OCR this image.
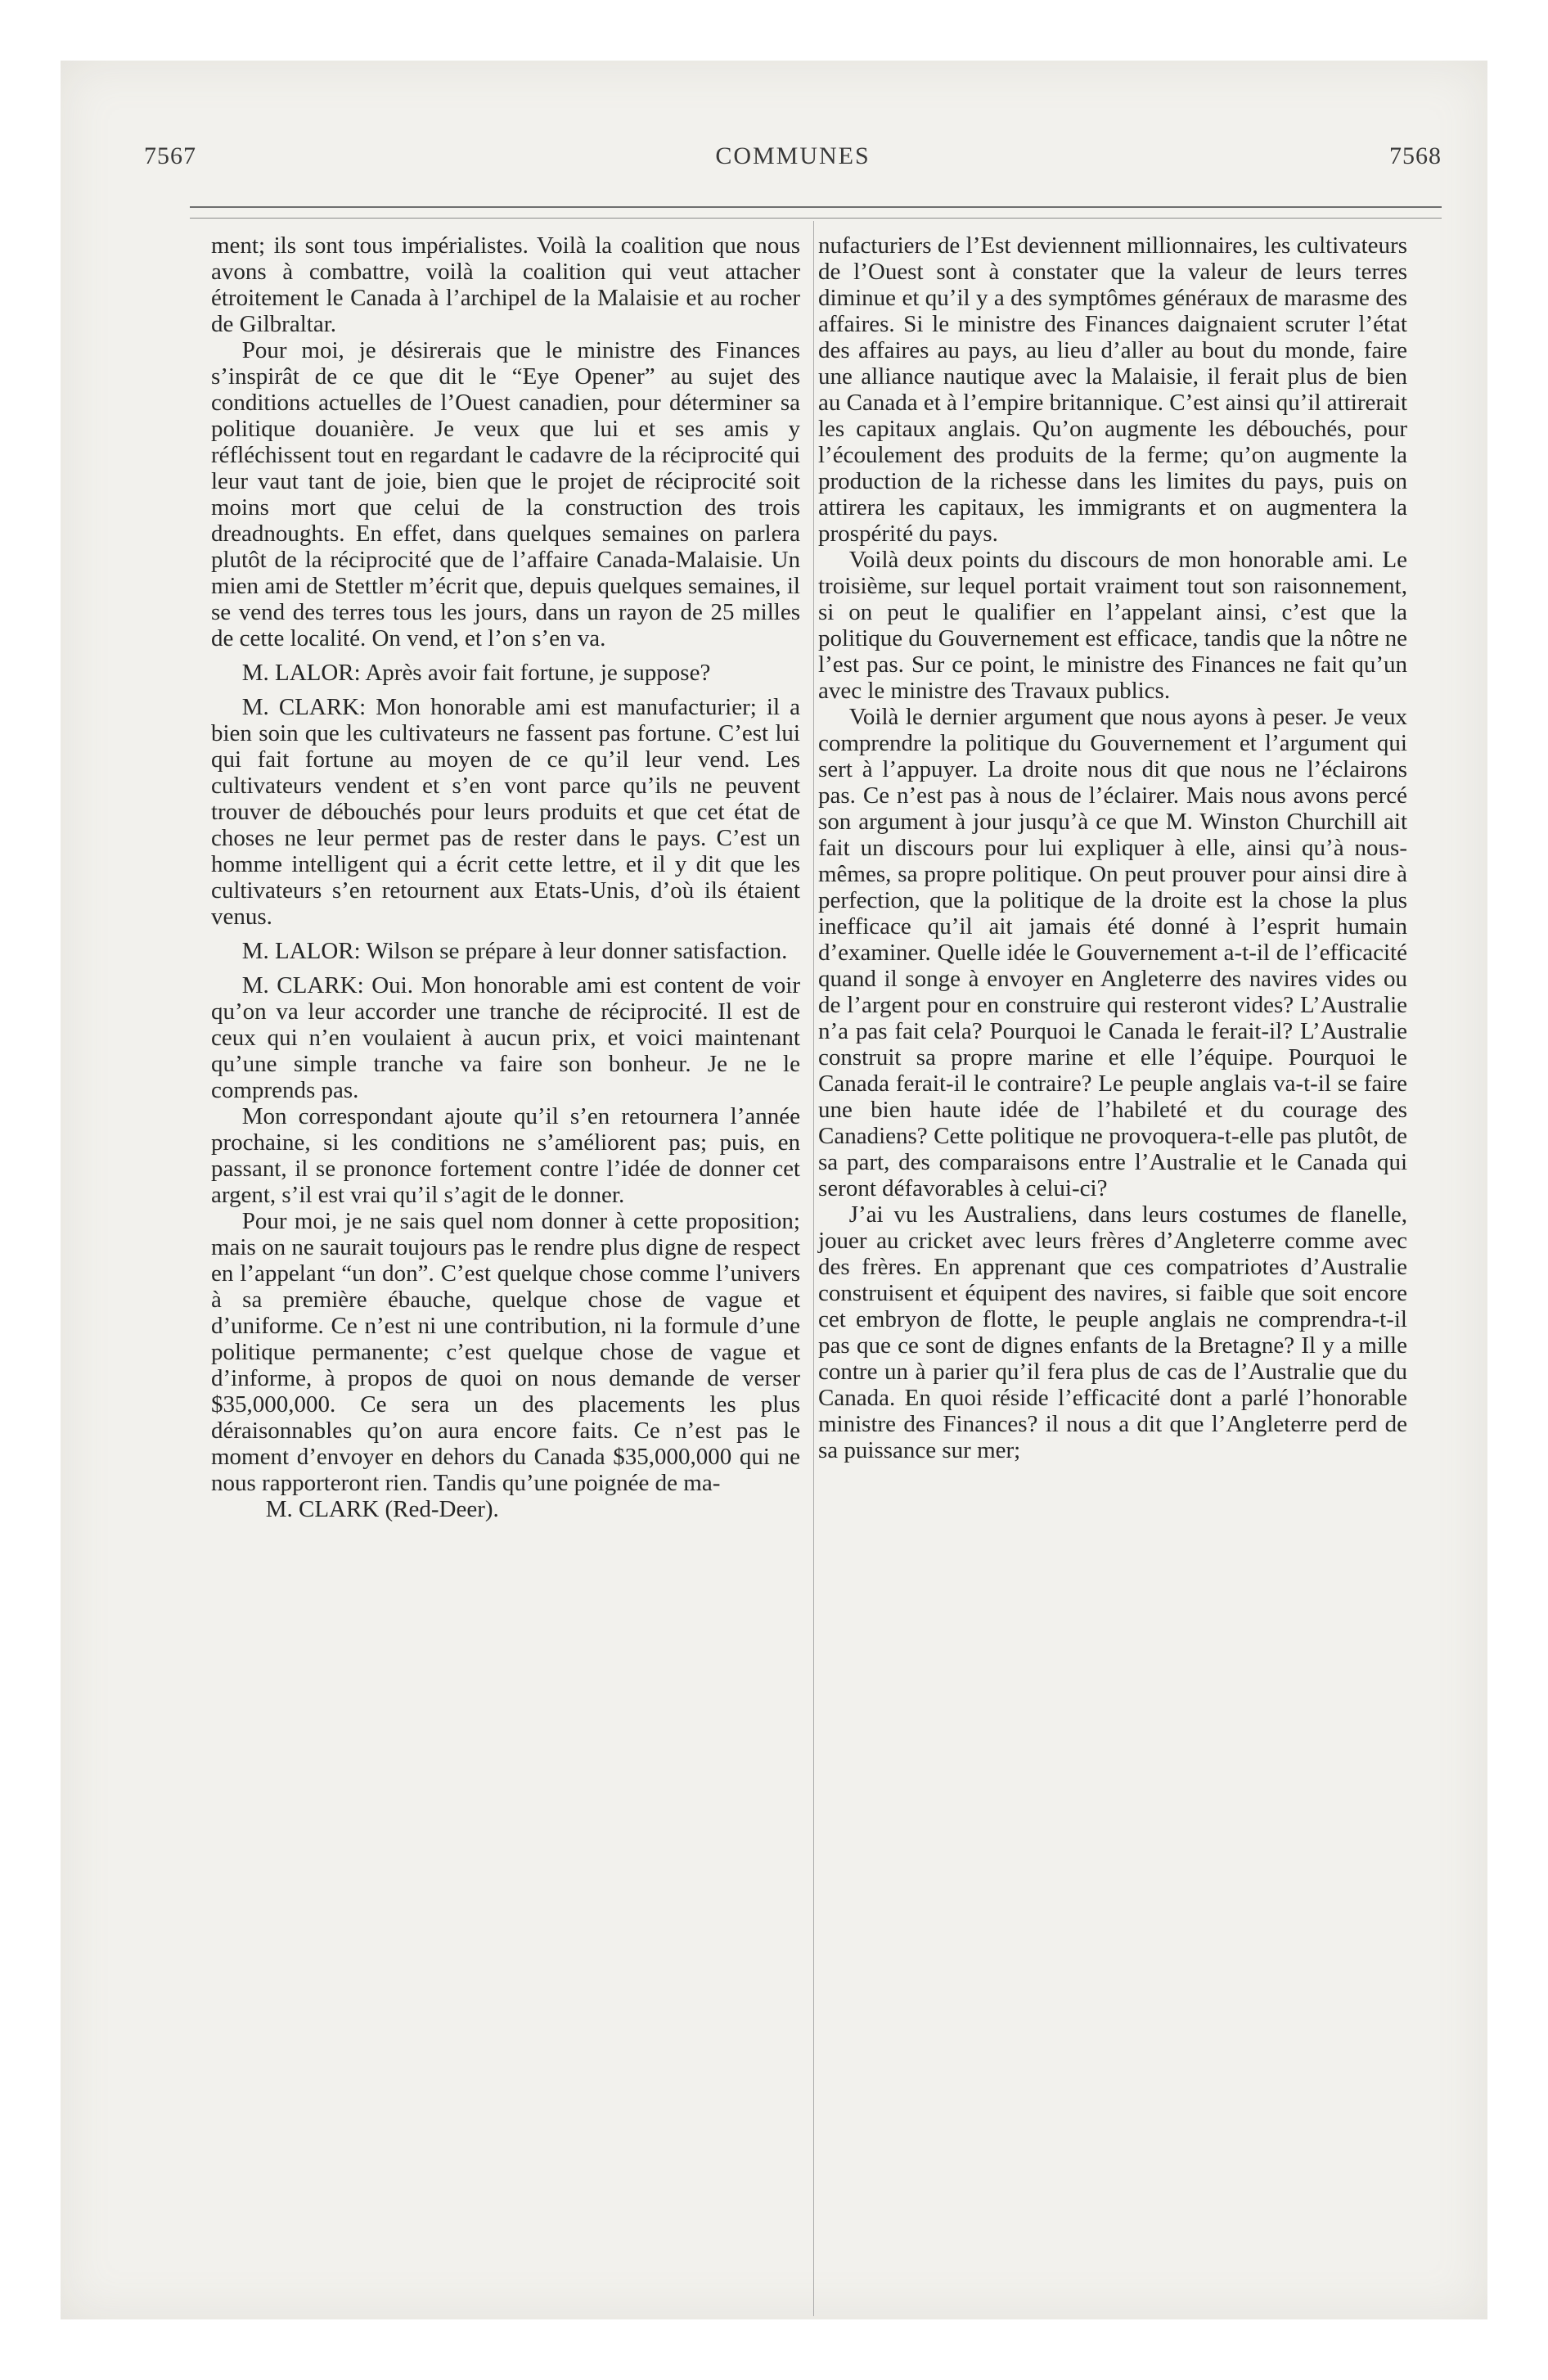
7567	COMMUNES	7568

ment; ils sont tous impérialistes. Voilà la coalition que nous avons à combattre, voilà la coalition qui veut attacher étroitement le Canada à l’archipel de la Malaisie et au rocher de Gilbraltar.

Pour moi, je désirerais que le ministre des Finances s’inspirât de ce que dit le “Eye Opener” au sujet des conditions actuelles de l’Ouest canadien, pour déterminer sa politique douanière. Je veux que lui et ses amis y réfléchissent tout en regardant le cadavre de la réciprocité qui leur vaut tant de joie, bien que le projet de réciprocité soit moins mort que celui de la construction des trois dreadnoughts. En effet, dans quelques semaines on parlera plutôt de la réciprocité que de l’affaire Canada-Malaisie. Un mien ami de Stettler m’écrit que, depuis quelques semaines, il se vend des terres tous les jours, dans un rayon de 25 milles de cette localité. On vend, et l’on s’en va.

M. LALOR: Après avoir fait fortune, je suppose?

M. CLARK: Mon honorable ami est manufacturier; il a bien soin que les cultivateurs ne fassent pas fortune. C’est lui qui fait fortune au moyen de ce qu’il leur vend. Les cultivateurs vendent et s’en vont parce qu’ils ne peuvent trouver de débouchés pour leurs produits et que cet état de choses ne leur permet pas de rester dans le pays. C’est un homme intelligent qui a écrit cette lettre, et il y dit que les cultivateurs s’en retournent aux Etats-Unis, d’où ils étaient venus.

M. LALOR: Wilson se prépare à leur donner satisfaction.

M. CLARK: Oui. Mon honorable ami est content de voir qu’on va leur accorder une tranche de réciprocité. Il est de ceux qui n’en voulaient à aucun prix, et voici maintenant qu’une simple tranche va faire son bonheur. Je ne le comprends pas.

Mon correspondant ajoute qu’il s’en retournera l’année prochaine, si les conditions ne s’améliorent pas; puis, en passant, il se prononce fortement contre l’idée de donner cet argent, s’il est vrai qu’il s’agit de le donner.

Pour moi, je ne sais quel nom donner à cette proposition; mais on ne saurait toujours pas le rendre plus digne de respect en l’appelant “un don”. C’est quelque chose comme l’univers à sa première ébauche, quelque chose de vague et d’uniforme. Ce n’est ni une contribution, ni la formule d’une politique permanente; c’est quelque chose de vague et d’informe, à propos de quoi on nous demande de verser $35,000,000. Ce sera un des placements les plus déraisonnables qu’on aura encore faits. Ce n’est pas le moment d’envoyer en dehors du Canada $35,000,000 qui ne nous rapporteront rien. Tandis qu’une poignée de ma-

M. CLARK (Red-Deer).

nufacturiers de l’Est deviennent millionnaires, les cultivateurs de l’Ouest sont à constater que la valeur de leurs terres diminue et qu’il y a des symptômes généraux de marasme des affaires. Si le ministre des Finances daignaient scruter l’état des affaires au pays, au lieu d’aller au bout du monde, faire une alliance nautique avec la Malaisie, il ferait plus de bien au Canada et à l’empire britannique. C’est ainsi qu’il attirerait les capitaux anglais. Qu’on augmente les débouchés, pour l’écoulement des produits de la ferme; qu’on augmente la production de la richesse dans les limites du pays, puis on attirera les capitaux, les immigrants et on augmentera la prospérité du pays.

Voilà deux points du discours de mon honorable ami. Le troisième, sur lequel portait vraiment tout son raisonnement, si on peut le qualifier en l’appelant ainsi, c’est que la politique du Gouvernement est efficace, tandis que la nôtre ne l’est pas. Sur ce point, le ministre des Finances ne fait qu’un avec le ministre des Travaux publics.

Voilà le dernier argument que nous ayons à peser. Je veux comprendre la politique du Gouvernement et l’argument qui sert à l’appuyer. La droite nous dit que nous ne l’éclairons pas. Ce n’est pas à nous de l’éclairer. Mais nous avons percé son argument à jour jusqu’à ce que M. Winston Churchill ait fait un discours pour lui expliquer à elle, ainsi qu’à nous-mêmes, sa propre politique. On peut prouver pour ainsi dire à perfection, que la politique de la droite est la chose la plus inefficace qu’il ait jamais été donné à l’esprit humain d’examiner. Quelle idée le Gouvernement a-t-il de l’efficacité quand il songe à envoyer en Angleterre des navires vides ou de l’argent pour en construire qui resteront vides? L’Australie n’a pas fait cela? Pourquoi le Canada le ferait-il? L’Australie construit sa propre marine et elle l’équipe. Pourquoi le Canada ferait-il le contraire? Le peuple anglais va-t-il se faire une bien haute idée de l’habileté et du courage des Canadiens? Cette politique ne provoquera-t-elle pas plutôt, de sa part, des comparaisons entre l’Australie et le Canada qui seront défavorables à celui-ci?

J’ai vu les Australiens, dans leurs costumes de flanelle, jouer au cricket avec leurs frères d’Angleterre comme avec des frères. En apprenant que ces compatriotes d’Australie construisent et équipent des navires, si faible que soit encore cet embryon de flotte, le peuple anglais ne comprendra-t-il pas que ce sont de dignes enfants de la Bretagne? Il y a mille contre un à parier qu’il fera plus de cas de l’Australie que du Canada. En quoi réside l’efficacité dont a parlé l’honorable ministre des Finances? il nous a dit que l’Angleterre perd de sa puissance sur mer;
